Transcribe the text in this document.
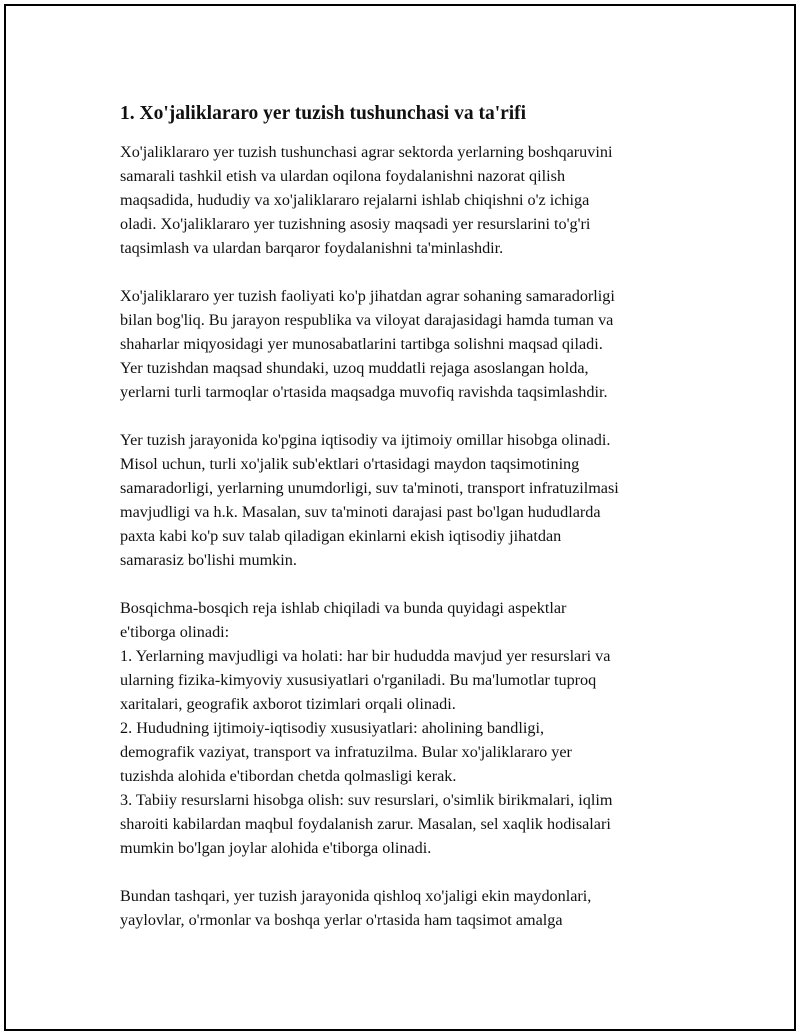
1. Xo'jaliklararo yer tuzish tushunchasi va ta'rifi

Xo'jaliklararo yer tuzish tushunchasi agrar sektorda yerlarning boshqaruvini
samarali tashkil etish va ulardan oqilona foydalanishni nazorat qilish
maqsadida, hududiy va xo'jaliklararo rejalarni ishlab chiqishni o'z ichiga
oladi. Xo'jaliklararo yer tuzishning asosiy maqsadi yer resurslarini to'g'ri
taqsimlash va ulardan barqaror foydalanishni ta'minlashdir.

Xo'jaliklararo yer tuzish faoliyati ko'p jihatdan agrar sohaning samaradorligi
bilan bog'liq. Bu jarayon respublika va viloyat darajasidagi hamda tuman va
shaharlar miqyosidagi yer munosabatlarini tartibga solishni maqsad qiladi.
Yer tuzishdan maqsad shundaki, uzoq muddatli rejaga asoslangan holda,
yerlarni turli tarmoqlar o'rtasida maqsadga muvofiq ravishda taqsimlashdir.

Yer tuzish jarayonida ko'pgina iqtisodiy va ijtimoiy omillar hisobga olinadi.
Misol uchun, turli xo'jalik sub'ektlari o'rtasidagi maydon taqsimotining
samaradorligi, yerlarning unumdorligi, suv ta'minoti, transport infratuzilmasi
mavjudligi va h.k. Masalan, suv ta'minoti darajasi past bo'lgan hududlarda
paxta kabi ko'p suv talab qiladigan ekinlarni ekish iqtisodiy jihatdan
samarasiz bo'lishi mumkin.

Bosqichma-bosqich reja ishlab chiqiladi va bunda quyidagi aspektlar
e'tiborga olinadi:
1. Yerlarning mavjudligi va holati: har bir hududda mavjud yer resurslari va
ularning fizika-kimyoviy xususiyatlari o'rganiladi. Bu ma'lumotlar tuproq
xaritalari, geografik axborot tizimlari orqali olinadi.
2. Hududning ijtimoiy-iqtisodiy xususiyatlari: aholining bandligi,
demografik vaziyat, transport va infratuzilma. Bular xo'jaliklararo yer
tuzishda alohida e'tibordan chetda qolmasligi kerak.
3. Tabiiy resurslarni hisobga olish: suv resurslari, o'simlik birikmalari, iqlim
sharoiti kabilardan maqbul foydalanish zarur. Masalan, sel xaqlik hodisalari
mumkin bo'lgan joylar alohida e'tiborga olinadi.

Bundan tashqari, yer tuzish jarayonida qishloq xo'jaligi ekin maydonlari,
yaylovlar, o'rmonlar va boshqa yerlar o'rtasida ham taqsimot amalga
